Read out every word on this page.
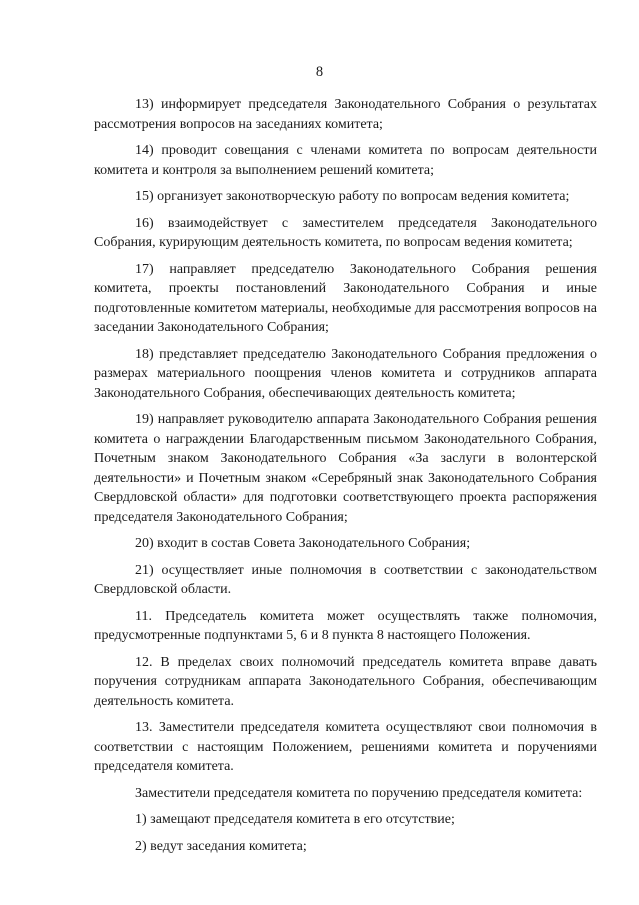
8

13) информирует председателя Законодательного Собрания о результатах рассмотрения вопросов на заседаниях комитета;

14) проводит совещания с членами комитета по вопросам деятельности комитета и контроля за выполнением решений комитета;

15) организует законотворческую работу по вопросам ведения комитета;

16) взаимодействует с заместителем председателя Законодательного Собрания, курирующим деятельность комитета, по вопросам ведения комитета;

17) направляет председателю Законодательного Собрания решения комитета, проекты постановлений Законодательного Собрания и иные подготовленные комитетом материалы, необходимые для рассмотрения вопросов на заседании Законодательного Собрания;

18) представляет председателю Законодательного Собрания предложения о размерах материального поощрения членов комитета и сотрудников аппарата Законодательного Собрания, обеспечивающих деятельность комитета;

19) направляет руководителю аппарата Законодательного Собрания решения комитета о награждении Благодарственным письмом Законодательного Собрания, Почетным знаком Законодательного Собрания «За заслуги в волонтерской деятельности» и Почетным знаком «Серебряный знак Законодательного Собрания Свердловской области» для подготовки соответствующего проекта распоряжения председателя Законодательного Собрания;

20) входит в состав Совета Законодательного Собрания;

21) осуществляет иные полномочия в соответствии с законодательством Свердловской области.

11. Председатель комитета может осуществлять также полномочия, предусмотренные подпунктами 5, 6 и 8 пункта 8 настоящего Положения.

12. В пределах своих полномочий председатель комитета вправе давать поручения сотрудникам аппарата Законодательного Собрания, обеспечивающим деятельность комитета.

13. Заместители председателя комитета осуществляют свои полномочия в соответствии с настоящим Положением, решениями комитета и поручениями председателя комитета.

Заместители председателя комитета по поручению председателя комитета:

1) замещают председателя комитета в его отсутствие;

2) ведут заседания комитета;
